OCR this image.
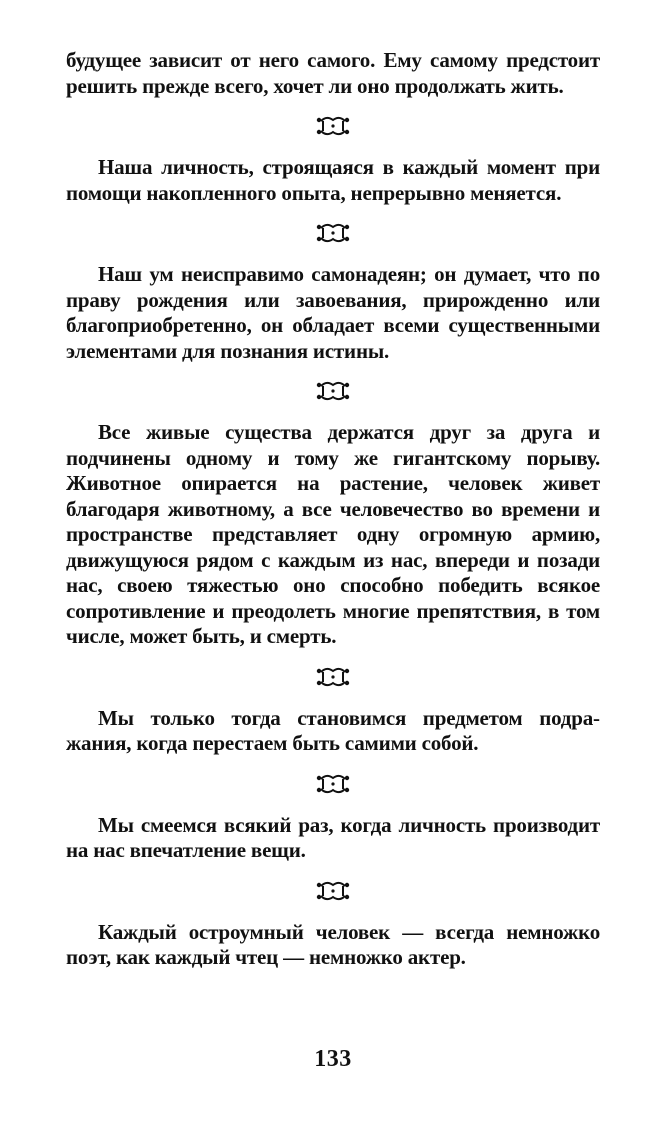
будущее зависит от него самого. Ему самому предстоит решить прежде всего, хочет ли оно продолжать жить.

Наша личность, строящаяся в каждый момент при помощи накопленного опыта, непрерывно меняется.

Наш ум неисправимо самонадеян; он думает, что по праву рождения или завоевания, прирожденно или благоприобретенно, он обладает всеми существенными элементами для познания истины.

Все живые существа держатся друг за друга и подчинены одному и тому же гигантскому порыву. Животное опирается на растение, человек живет благодаря животному, а все человечество во времени и пространстве представляет одну огромную армию, движущуюся рядом с каждым из нас, впереди и позади нас, своею тяжестью оно способно победить всякое сопротивление и преодолеть многие препятствия, в том числе, может быть, и смерть.

Мы только тогда становимся предметом подражания, когда перестаем быть самими собой.

Мы смеемся всякий раз, когда личность производит на нас впечатление вещи.

Каждый остроумный человек — всегда немножко поэт, как каждый чтец — немножко актер.

133
